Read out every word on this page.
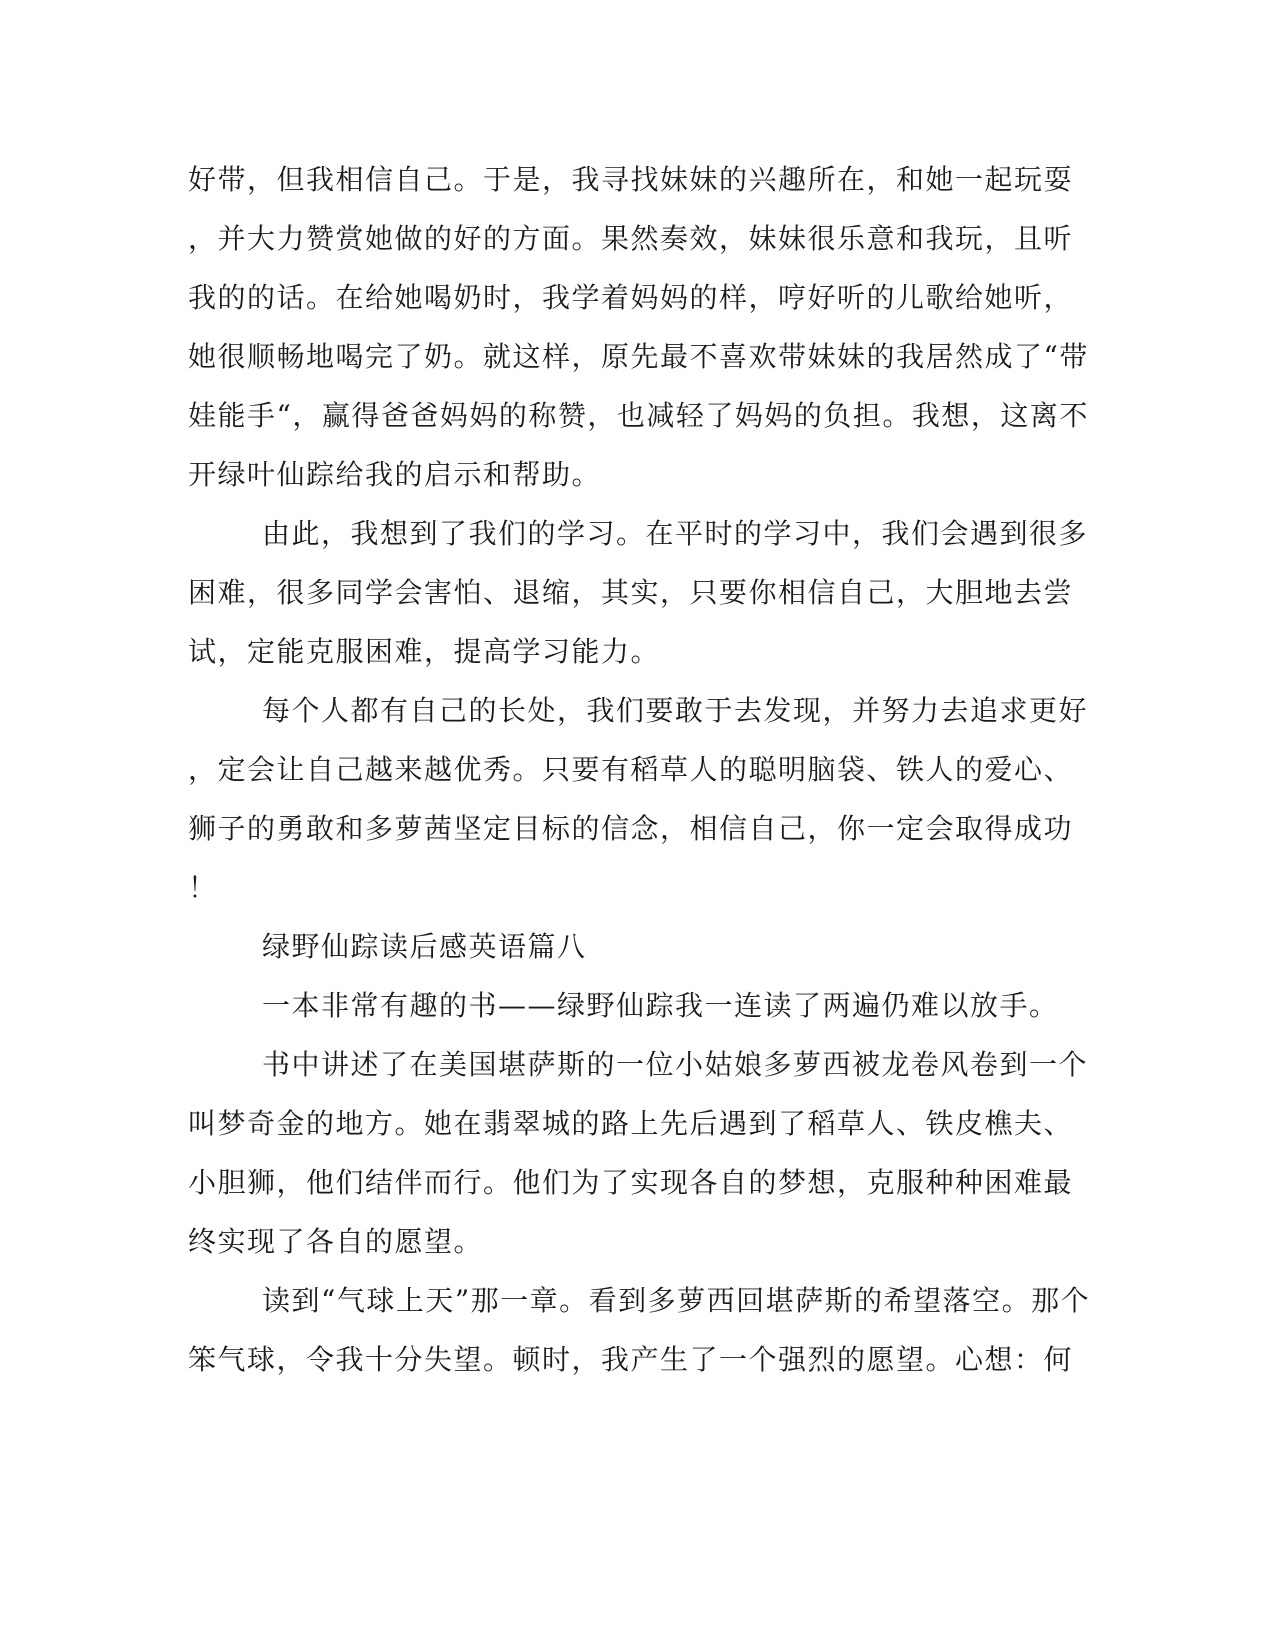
好带，但我相信自己。于是，我寻找妹妹的兴趣所在，和她一起玩耍
，并大力赞赏她做的好的方面。果然奏效，妹妹很乐意和我玩，且听
我的的话。在给她喝奶时，我学着妈妈的样，哼好听的儿歌给她听，
她很顺畅地喝完了奶。就这样，原先最不喜欢带妹妹的我居然成了“带
娃能手“，赢得爸爸妈妈的称赞，也减轻了妈妈的负担。我想，这离不
开绿叶仙踪给我的启示和帮助。
由此，我想到了我们的学习。在平时的学习中，我们会遇到很多
困难，很多同学会害怕、退缩，其实，只要你相信自己，大胆地去尝
试，定能克服困难，提高学习能力。
每个人都有自己的长处，我们要敢于去发现，并努力去追求更好
，定会让自己越来越优秀。只要有稻草人的聪明脑袋、铁人的爱心、
狮子的勇敢和多萝茜坚定目标的信念，相信自己，你一定会取得成功
！
绿野仙踪读后感英语篇八
一本非常有趣的书——绿野仙踪我一连读了两遍仍难以放手。
书中讲述了在美国堪萨斯的一位小姑娘多萝西被龙卷风卷到一个
叫梦奇金的地方。她在翡翠城的路上先后遇到了稻草人、铁皮樵夫、
小胆狮，他们结伴而行。他们为了实现各自的梦想，克服种种困难最
终实现了各自的愿望。
读到“气球上天”那一章。看到多萝西回堪萨斯的希望落空。那个
笨气球，令我十分失望。顿时，我产生了一个强烈的愿望。心想：何
